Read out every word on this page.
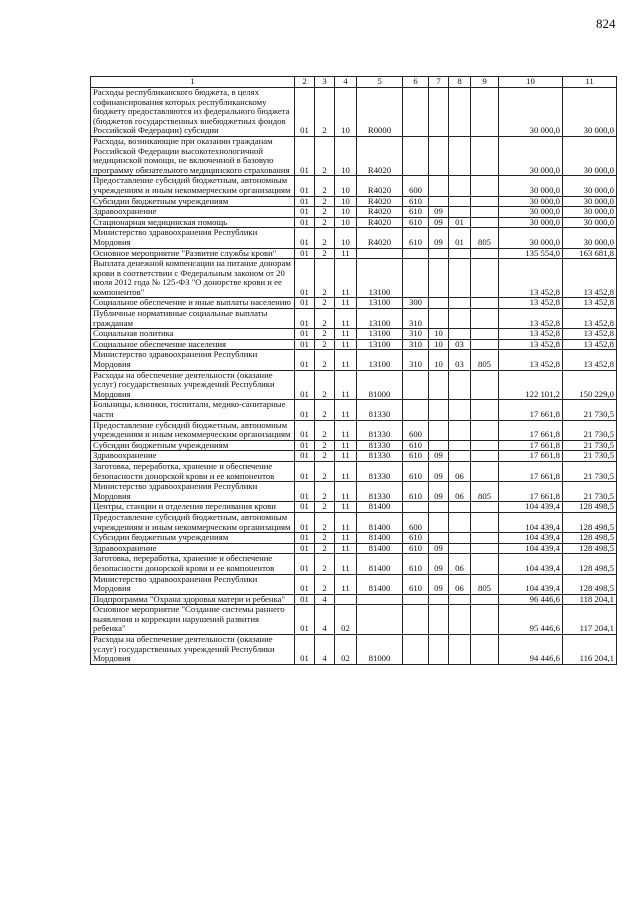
824
1	2	3	4	5	6	7	8	9	10	11
Расходы республиканского бюджета, в целях софинансирования которых республиканскому бюджету предоставляются из федерального бюджета (бюджетов государственных внебюджетных фондов Российской Федерации) субсидии	01	2	10	R0000					30 000,0	30 000,0
Расходы, возникающие при оказании гражданам Российской Федерации высокотехнологичной медицинской помощи, не включенной в базовую программу обязательного медицинского страхования	01	2	10	R4020					30 000,0	30 000,0
Предоставление субсидий бюджетным, автономным учреждениям и иным некоммерческим организациям	01	2	10	R4020	600				30 000,0	30 000,0
Субсидии бюджетным учреждениям	01	2	10	R4020	610				30 000,0	30 000,0
Здравоохранение	01	2	10	R4020	610	09			30 000,0	30 000,0
Стационарная медицинская помощь	01	2	10	R4020	610	09	01		30 000,0	30 000,0
Министерство здравоохранения Республики Мордовия	01	2	10	R4020	610	09	01	805	30 000,0	30 000,0
Основное мероприятие "Развитие службы крови"	01	2	11						135 554,0	163 681,8
Выплата денежной компенсации на питание донорам крови в соответствии с Федеральным законом от 20 июля 2012 года № 125-ФЗ "О донорстве крови и ее компонентов"	01	2	11	13100					13 452,8	13 452,8
Социальное обеспечение и иные выплаты населению	01	2	11	13100	300				13 452,8	13 452,8
Публичные нормативные социальные выплаты гражданам	01	2	11	13100	310				13 452,8	13 452,8
Социальная политика	01	2	11	13100	310	10			13 452,8	13 452,8
Социальное обеспечение населения	01	2	11	13100	310	10	03		13 452,8	13 452,8
Министерство здравоохранения Республики Мордовия	01	2	11	13100	310	10	03	805	13 452,8	13 452,8
Расходы на обеспечение деятельности (оказание услуг) государственных учреждений Республики Мордовия	01	2	11	81000					122 101,2	150 229,0
Больницы, клиники, госпитали, медико-санитарные части	01	2	11	81330					17 661,8	21 730,5
Предоставление субсидий бюджетным, автономным учреждениям и иным некоммерческим организациям	01	2	11	81330	600				17 661,8	21 730,5
Субсидии бюджетным учреждениям	01	2	11	81330	610				17 661,8	21 730,5
Здравоохранение	01	2	11	81330	610	09			17 661,8	21 730,5
Заготовка, переработка, хранение и обеспечение безопасности донорской крови и ее компонентов	01	2	11	81330	610	09	06		17 661,8	21 730,5
Министерство здравоохранения Республики Мордовия	01	2	11	81330	610	09	06	805	17 661,8	21 730,5
Центры, станции и отделения переливания крови	01	2	11	81400					104 439,4	128 498,5
Предоставление субсидий бюджетным, автономным учреждениям и иным некоммерческим организациям	01	2	11	81400	600				104 439,4	128 498,5
Субсидии бюджетным учреждениям	01	2	11	81400	610				104 439,4	128 498,5
Здравоохранение	01	2	11	81400	610	09			104 439,4	128 498,5
Заготовка, переработка, хранение и обеспечение безопасности донорской крови и ее компонентов	01	2	11	81400	610	09	06		104 439,4	128 498,5
Министерство здравоохранения Республики Мордовия	01	2	11	81400	610	09	06	805	104 439,4	128 498,5
Подпрограмма "Охрана здоровья матери и ребенка"	01	4							96 446,6	118 204,1
Основное мероприятие "Создание системы раннего выявления и коррекции нарушений развития ребенка"	01	4	02						95 446,6	117 204,1
Расходы на обеспечение деятельности (оказание услуг) государственных учреждений Республики Мордовия	01	4	02	81000					94 446,6	116 204,1
